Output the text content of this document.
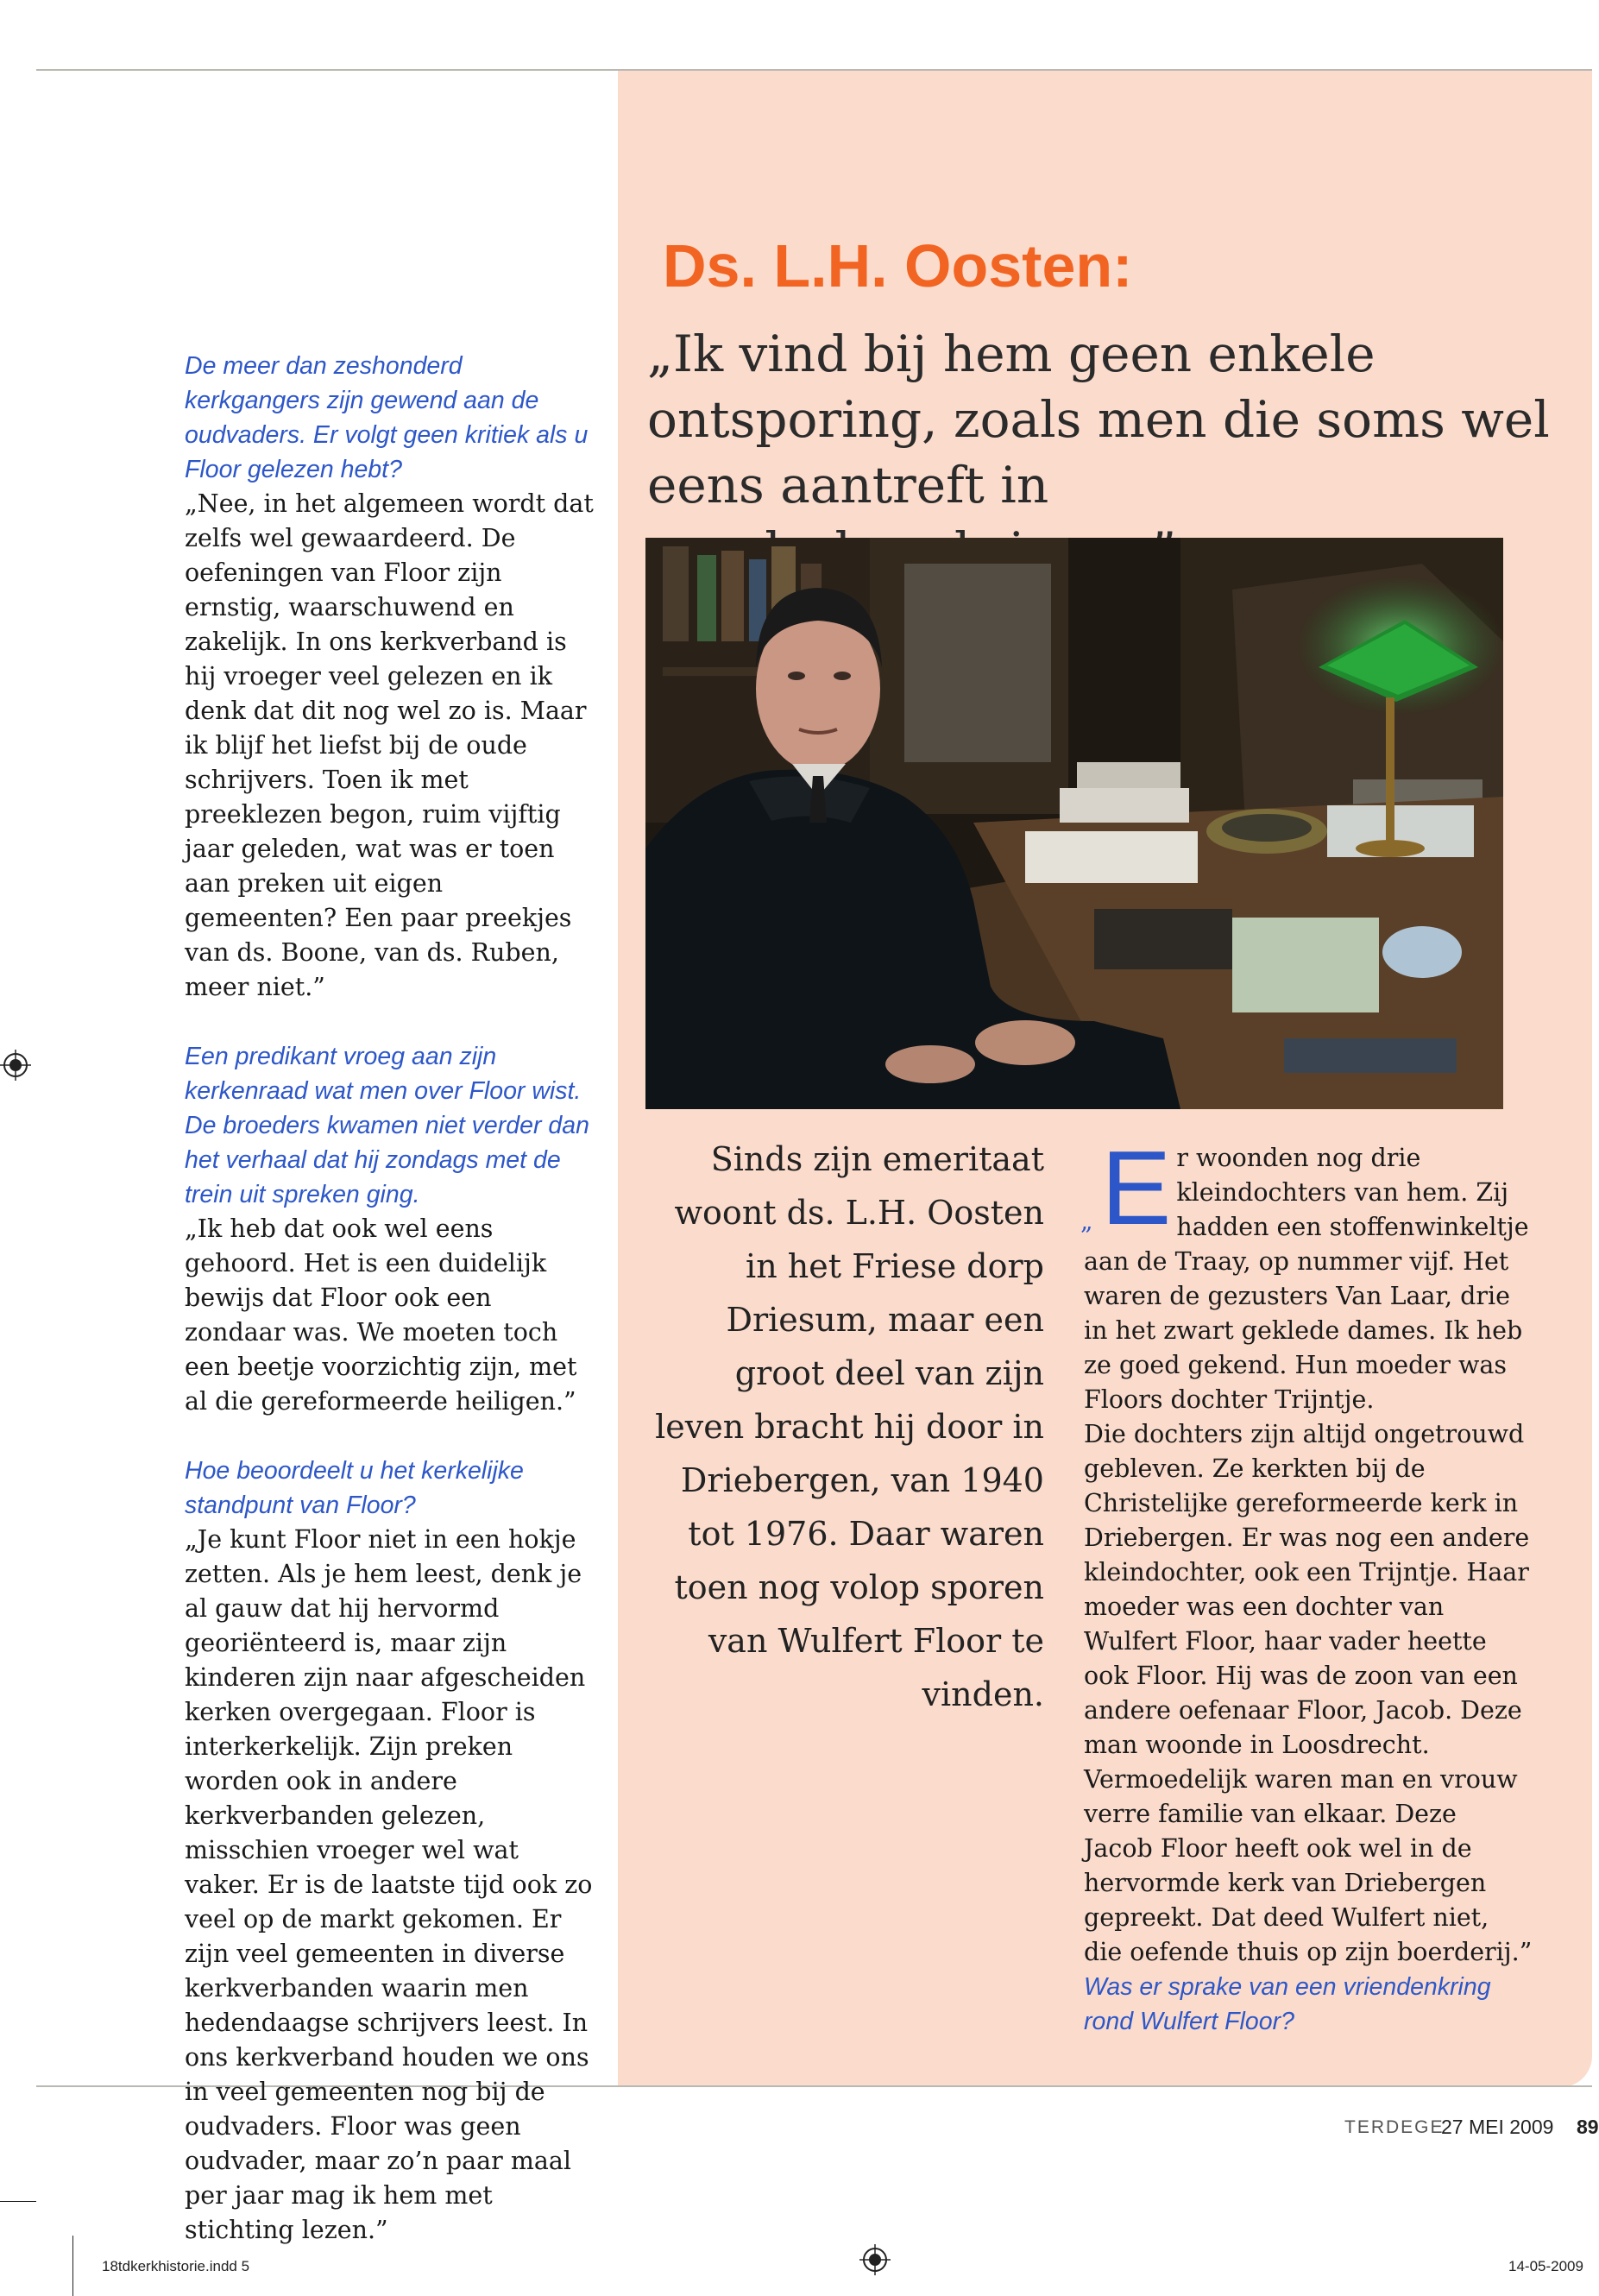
Ds. L.H. Oosten:
„Ik vind bij hem geen enkele ontsporing, zoals men die soms wel eens aantreft in

De meer dan zeshonderd kerkgangers zijn gewend aan de oudvaders. Er volgt geen kritiek als u Floor gelezen hebt?
„Nee, in het algemeen wordt dat zelfs wel gewaardeerd. De oefeningen van Floor zijn ernstig, waarschuwend en zakelijk. In ons kerkverband is hij vroeger veel gelezen en ik denk dat dit nog wel zo is. Maar ik blijf het liefst bij de oude schrijvers. Toen ik met preeklezen begon, ruim vijftig jaar geleden, wat was er toen aan preken uit eigen gemeenten? Een paar preekjes van ds. Boone, van ds. Ruben, meer niet.”

Een predikant vroeg aan zijn kerkenraad wat men over Floor wist. De broeders kwamen niet verder dan het verhaal dat hij zondags met de trein uit spreken ging.
„Ik heb dat ook wel eens gehoord. Het is een duidelijk bewijs dat Floor ook een zondaar was. We moeten toch een beetje voorzichtig zijn, met al die gereformeerde heiligen.”

Hoe beoordeelt u het kerkelijke standpunt van Floor?
„Je kunt Floor niet in een hokje zetten. Als je hem leest, denk je al gauw dat hij hervormd georiënteerd is, maar zijn kinderen zijn naar afgescheiden kerken overgegaan. Floor is interkerkelijk. Zijn preken worden ook in andere kerkverbanden gelezen, misschien vroeger wel wat vaker. Er is de laatste tijd ook zo veel op de markt gekomen. Er zijn veel gemeenten in diverse kerkverbanden waarin men hedendaagse schrijvers leest. In ons kerkverband houden we ons in veel gemeenten nog bij de oudvaders. Floor was geen oudvader, maar zo’n paar maal per jaar mag ik hem met stichting lezen.”

Sinds zijn emeritaat woont ds. L.H. Oosten in het Friese dorp Driesum, maar een groot deel van zijn leven bracht hij door in Driebergen, van 1940 tot 1976. Daar waren toen nog volop sporen van Wulfert Floor te vinden.

„ E r woonden nog drie kleindochters van hem. Zij hadden een stoffenwinkeltje aan de Traay, op nummer vijf. Het waren de gezusters Van Laar, drie in het zwart geklede dames. Ik heb ze goed gekend. Hun moeder was Floors dochter Trijntje.

Die dochters zijn altijd ongetrouwd gebleven. Ze kerkten bij de Christelijke gereformeerde kerk in Driebergen. Er was nog een andere kleindochter, ook een Trijntje. Haar moeder was een dochter van Wulfert Floor, haar vader heette ook Floor. Hij was de zoon van een andere oefenaar Floor, Jacob. Deze man woonde in Loosdrecht. Vermoedelijk waren man en vrouw verre familie van elkaar. Deze Jacob Floor heeft ook wel in de hervormde kerk van Driebergen gepreekt. Dat deed Wulfert niet, die oefende thuis op zijn boerderij.”

Was er sprake van een vriendenkring rond Wulfert Floor?
TERDEGE
27 MEI 2009 89
18tdkerkhistorie.indd 5	14-05-2009
